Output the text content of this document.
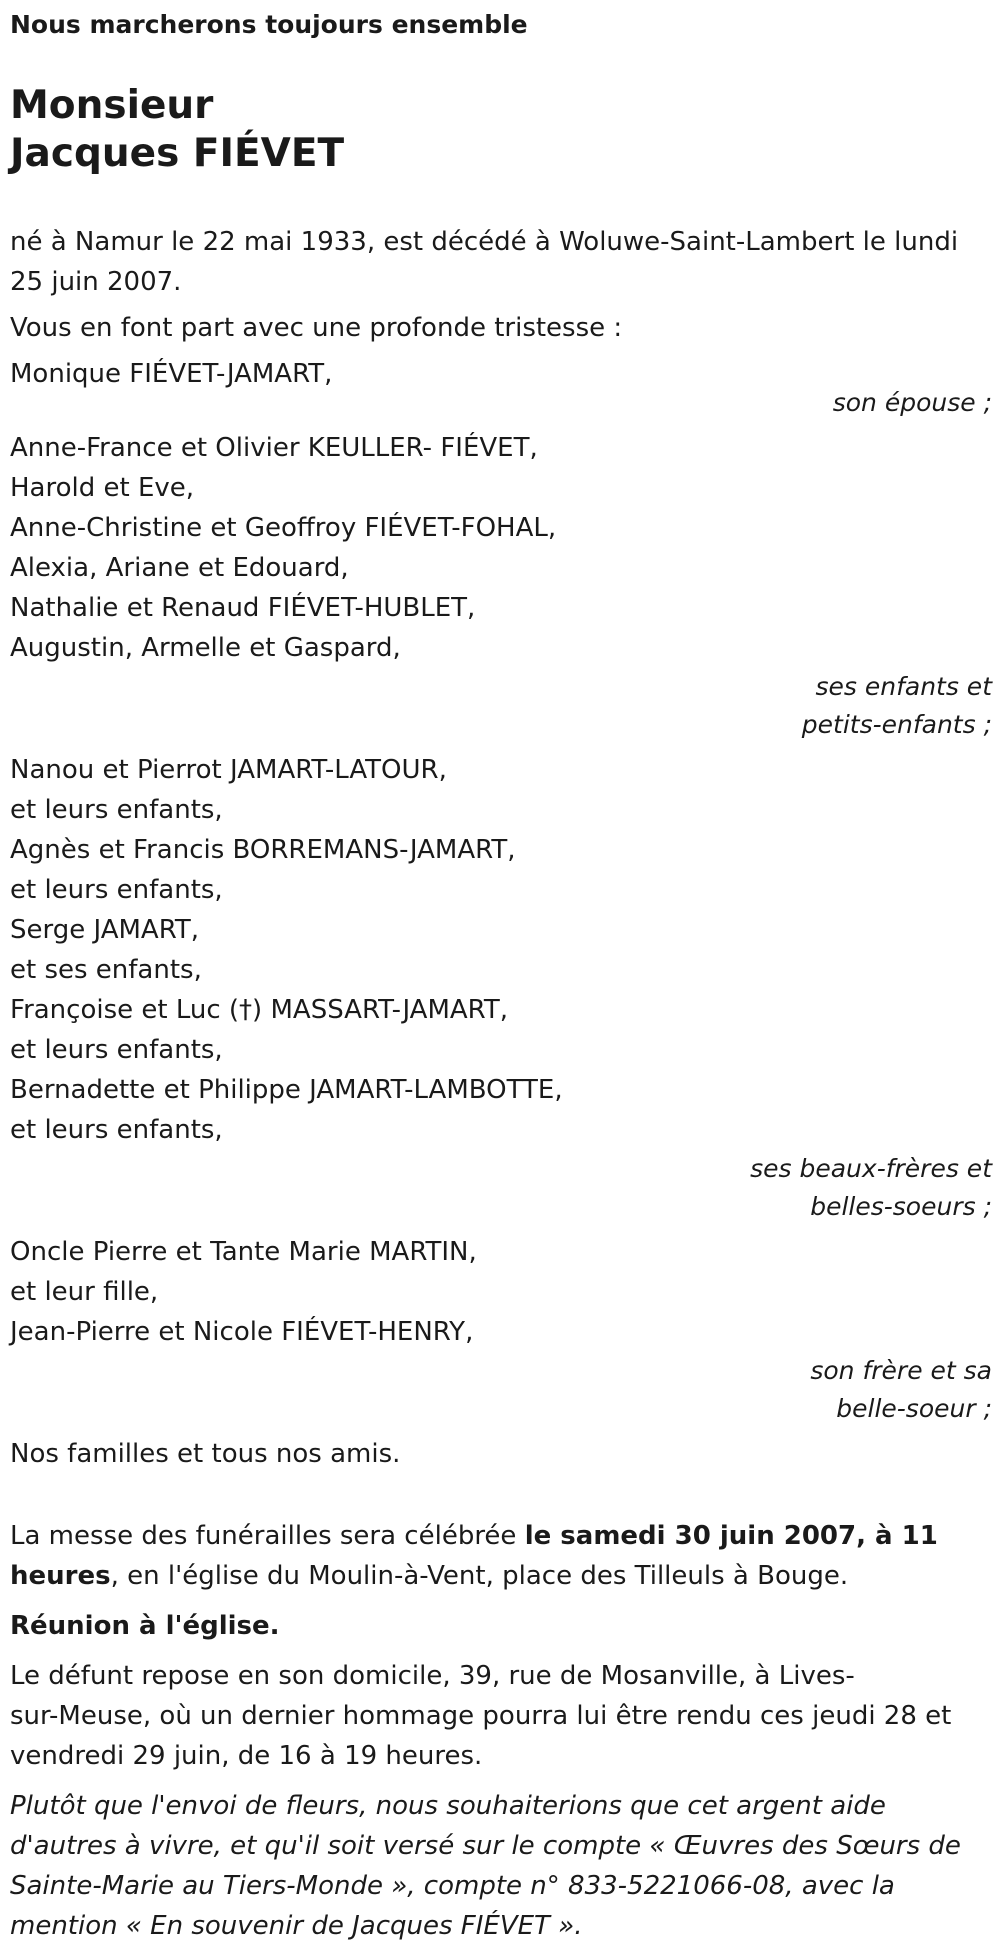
Nous marcherons toujours ensemble
Monsieur
Jacques FIÉVET
né à Namur le 22 mai 1933, est décédé à Woluwe-Saint-Lambert le lundi
25 juin 2007.
Vous en font part avec une profonde tristesse :
Monique FIÉVET-JAMART,
son épouse ;
Anne-France et Olivier KEULLER- FIÉVET,
Harold et Eve,
Anne-Christine et Geoffroy FIÉVET-FOHAL,
Alexia, Ariane et Edouard,
Nathalie et Renaud FIÉVET-HUBLET,
Augustin, Armelle et Gaspard,
ses enfants et
petits-enfants ;
Nanou et Pierrot JAMART-LATOUR,
et leurs enfants,
Agnès et Francis BORREMANS-JAMART,
et leurs enfants,
Serge JAMART,
et ses enfants,
Françoise et Luc (†) MASSART-JAMART,
et leurs enfants,
Bernadette et Philippe JAMART-LAMBOTTE,
et leurs enfants,
ses beaux-frères et
belles-soeurs ;
Oncle Pierre et Tante Marie MARTIN,
et leur fille,
Jean-Pierre et Nicole FIÉVET-HENRY,
son frère et sa
belle-soeur ;
Nos familles et tous nos amis.
La messe des funérailles sera célébrée le samedi 30 juin 2007, à 11
heures, en l'église du Moulin-à-Vent, place des Tilleuls à Bouge.
Réunion à l'église.
Le défunt repose en son domicile, 39, rue de Mosanville, à Lives-
sur-Meuse, où un dernier hommage pourra lui être rendu ces jeudi 28 et
vendredi 29 juin, de 16 à 19 heures.
Plutôt que l'envoi de fleurs, nous souhaiterions que cet argent aide
d'autres à vivre, et qu'il soit versé sur le compte « Œuvres des Sœurs de
Sainte-Marie au Tiers-Monde », compte n° 833-5221066-08, avec la
mention « En souvenir de Jacques FIÉVET ».
